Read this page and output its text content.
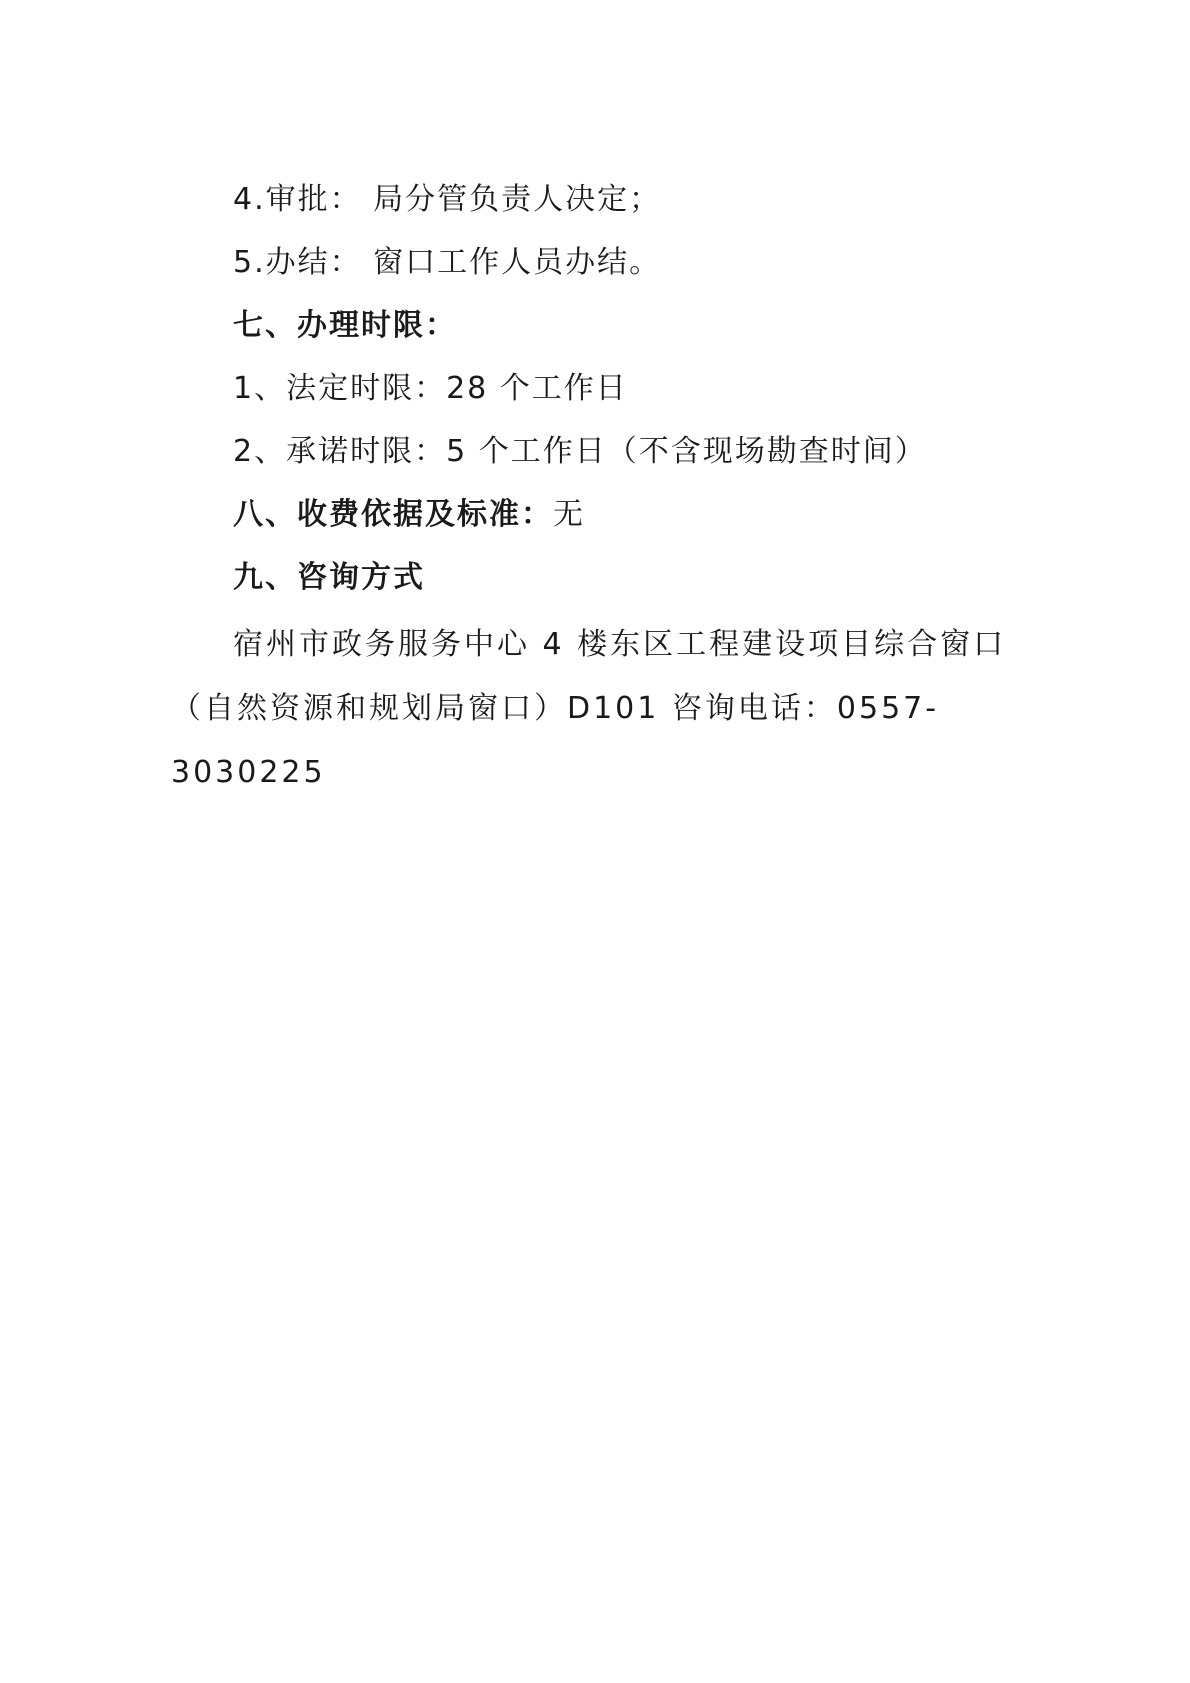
4.审批： 局分管负责人决定；
5.办结： 窗口工作人员办结。
七、办理时限：
1、法定时限：28 个工作日
2、承诺时限：5 个工作日（不含现场勘查时间）
八、收费依据及标准：无
九、咨询方式
宿州市政务服务中心 4 楼东区工程建设项目综合窗口（自然资源和规划局窗口）D101 咨询电话：0557-3030225
